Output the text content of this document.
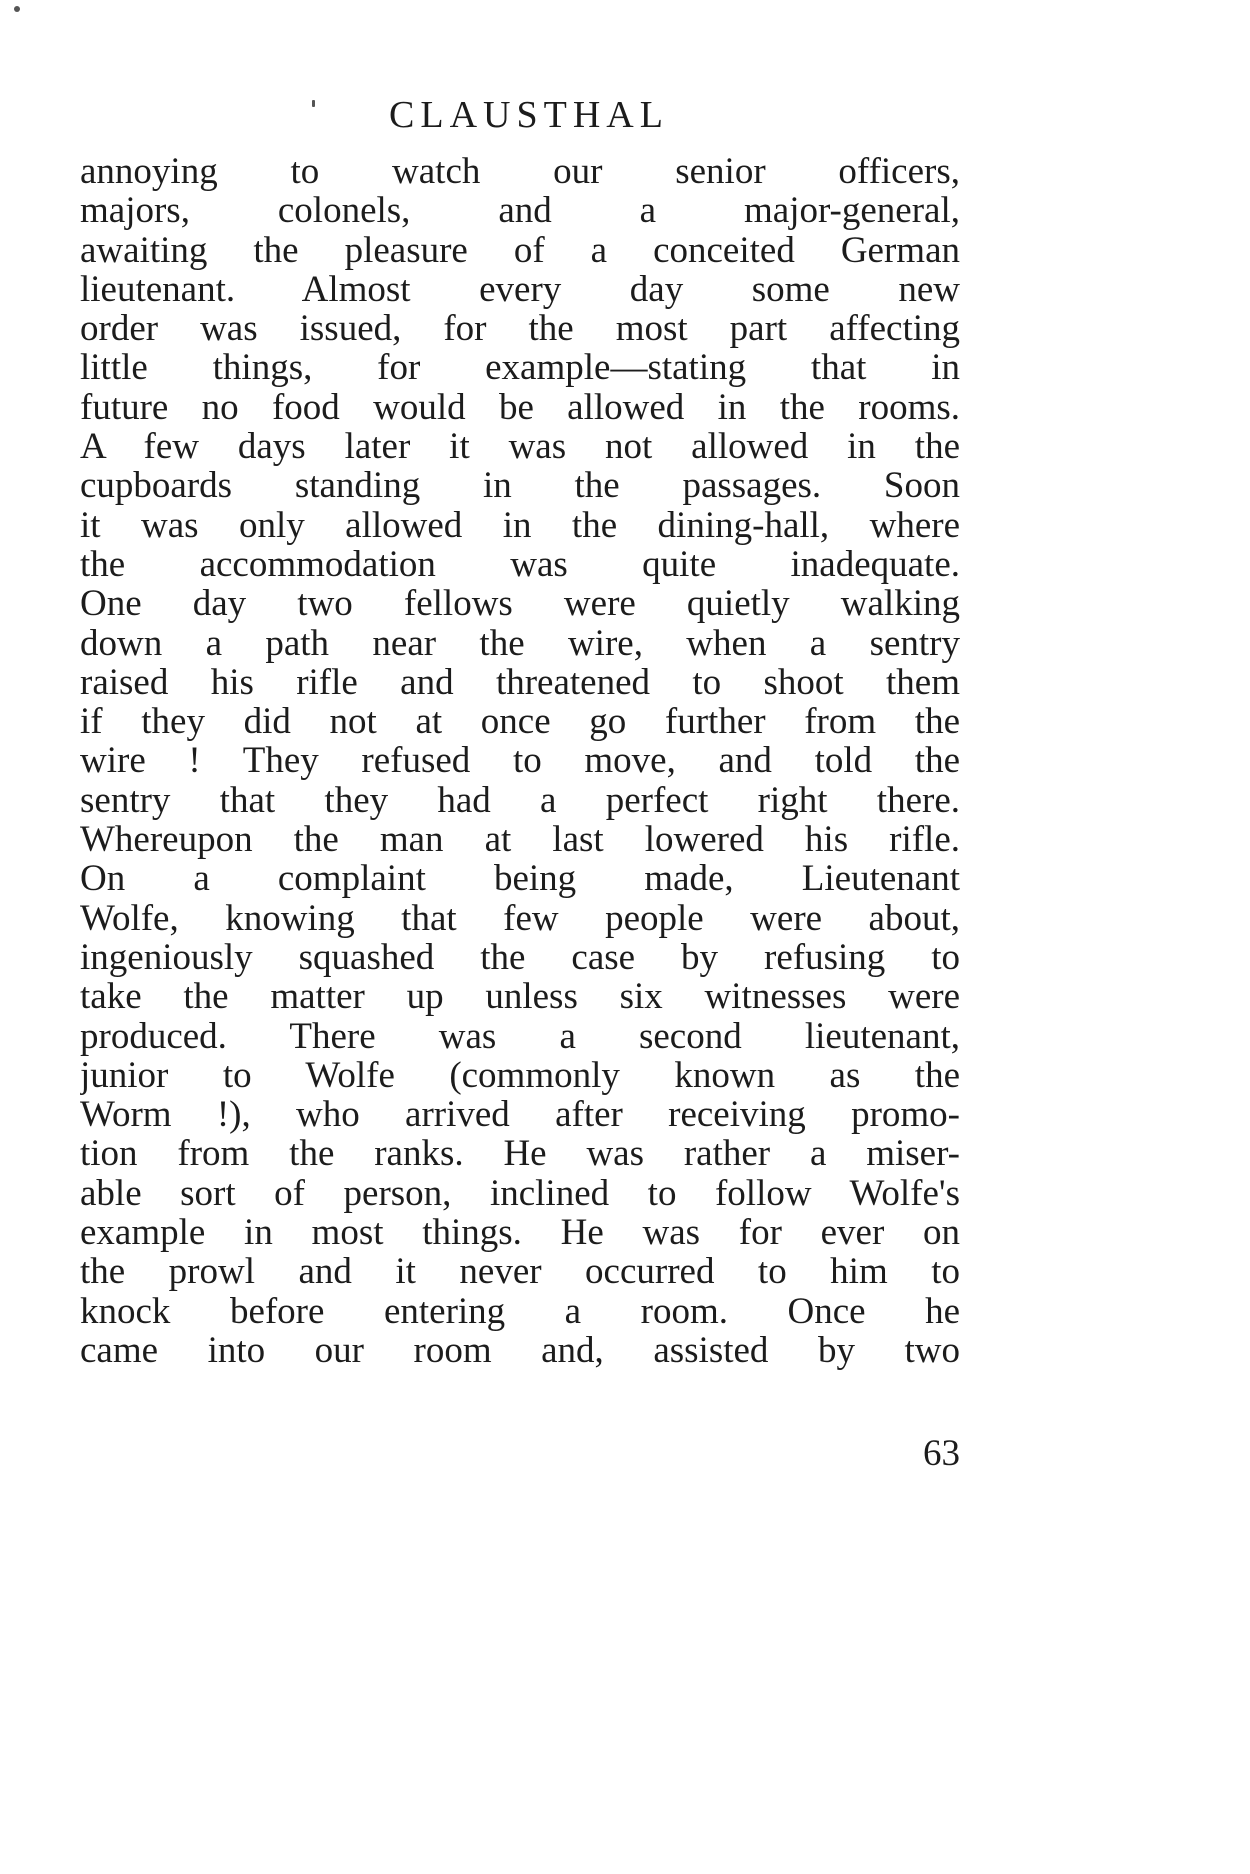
CLAUSTHAL
annoying to watch our senior officers,
majors, colonels, and a major-general,
awaiting the pleasure of a conceited German
lieutenant. Almost every day some new
order was issued, for the most part affecting
little things, for example—stating that in
future no food would be allowed in the rooms.
A few days later it was not allowed in the
cupboards standing in the passages. Soon
it was only allowed in the dining-hall, where
the accommodation was quite inadequate.
One day two fellows were quietly walking
down a path near the wire, when a sentry
raised his rifle and threatened to shoot them
if they did not at once go further from the
wire ! They refused to move, and told the
sentry that they had a perfect right there.
Whereupon the man at last lowered his rifle.
On a complaint being made, Lieutenant
Wolfe, knowing that few people were about,
ingeniously squashed the case by refusing to
take the matter up unless six witnesses were
produced. There was a second lieutenant,
junior to Wolfe (commonly known as the
Worm !), who arrived after receiving promo-
tion from the ranks. He was rather a miser-
able sort of person, inclined to follow Wolfe's
example in most things. He was for ever on
the prowl and it never occurred to him to
knock before entering a room. Once he
came into our room and, assisted by two
63
